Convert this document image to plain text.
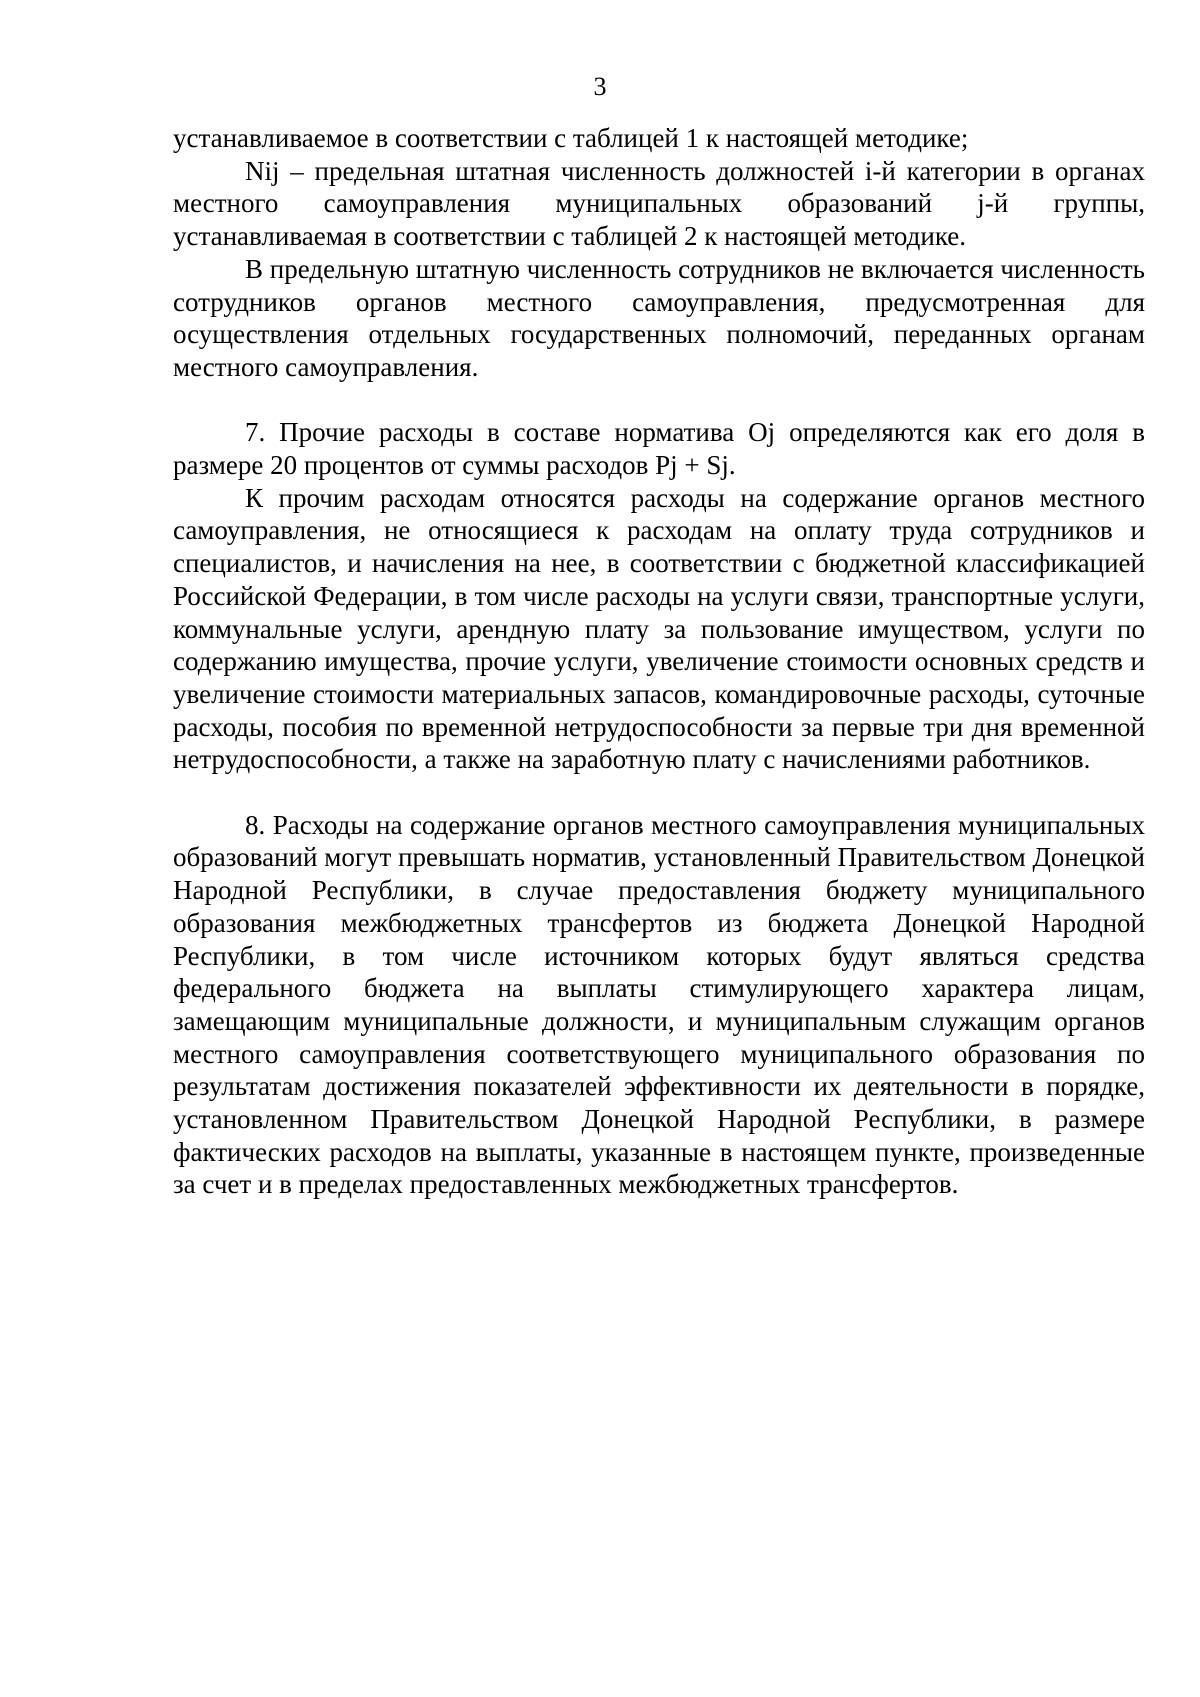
3

устанавливаемое в соответствии с таблицей 1 к настоящей методике;

Nij – предельная штатная численность должностей i-й категории в органах местного самоуправления муниципальных образований j-й группы, устанавливаемая в соответствии с таблицей 2 к настоящей методике.

В предельную штатную численность сотрудников не включается численность сотрудников органов местного самоуправления, предусмотренная для осуществления отдельных государственных полномочий, переданных органам местного самоуправления.

7. Прочие расходы в составе норматива Oj определяются как его доля в размере 20 процентов от суммы расходов Pj + Sj.

К прочим расходам относятся расходы на содержание органов местного самоуправления, не относящиеся к расходам на оплату труда сотрудников и специалистов, и начисления на нее, в соответствии с бюджетной классификацией Российской Федерации, в том числе расходы на услуги связи, транспортные услуги, коммунальные услуги, арендную плату за пользование имуществом, услуги по содержанию имущества, прочие услуги, увеличение стоимости основных средств и увеличение стоимости материальных запасов, командировочные расходы, суточные расходы, пособия по временной нетрудоспособности за первые три дня временной нетрудоспособности, а также на заработную плату с начислениями работников.

8. Расходы на содержание органов местного самоуправления муниципальных образований могут превышать норматив, установленный Правительством Донецкой Народной Республики, в случае предоставления бюджету муниципального образования межбюджетных трансфертов из бюджета Донецкой Народной Республики, в том числе источником которых будут являться средства федерального бюджета на выплаты стимулирующего характера лицам, замещающим муниципальные должности, и муниципальным служащим органов местного самоуправления соответствующего муниципального образования по результатам достижения показателей эффективности их деятельности в порядке, установленном Правительством Донецкой Народной Республики, в размере фактических расходов на выплаты, указанные в настоящем пункте, произведенные за счет и в пределах предоставленных межбюджетных трансфертов.
